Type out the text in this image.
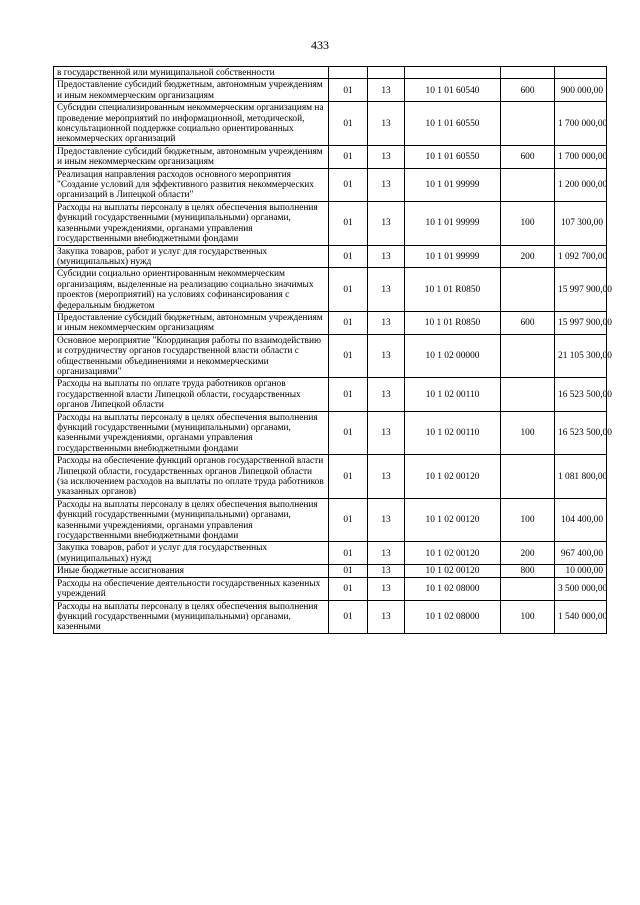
433
в государственной или муниципальной собственности					
Предоставление субсидий бюджетным, автономным учреждениям и иным некоммерческим организациям	01	13	10 1 01 60540	600	900 000,00
Субсидии специализированным некоммерческим организациям на проведение мероприятий по информационной, методической, консультационной поддержке социально ориентированных некоммерческих организаций	01	13	10 1 01 60550		1 700 000,00
Предоставление субсидий бюджетным, автономным учреждениям и иным некоммерческим организациям	01	13	10 1 01 60550	600	1 700 000,00
Реализация направления расходов основного мероприятия "Создание условий для эффективного развития некоммерческих организаций в Липецкой области"	01	13	10 1 01 99999		1 200 000,00
Расходы на выплаты персоналу в целях обеспечения выполнения функций государственными (муниципальными) органами, казенными учреждениями, органами управления государственными внебюджетными фондами	01	13	10 1 01 99999	100	107 300,00
Закупка товаров, работ и услуг для государственных (муниципальных) нужд	01	13	10 1 01 99999	200	1 092 700,00
Субсидии социально ориентированным некоммерческим организациям, выделенные на реализацию социально значимых проектов (мероприятий) на условиях софинансирования с федеральным бюджетом	01	13	10 1 01 R0850		15 997 900,00
Предоставление субсидий бюджетным, автономным учреждениям и иным некоммерческим организациям	01	13	10 1 01 R0850	600	15 997 900,00
Основное мероприятие "Координация работы по взаимодействию и сотрудничеству органов государственной власти области с общественными объединениями и некоммерческими организациями"	01	13	10 1 02 00000		21 105 300,00
Расходы на выплаты по оплате труда работников органов государственной власти Липецкой области, государственных органов Липецкой области	01	13	10 1 02 00110		16 523 500,00
Расходы на выплаты персоналу в целях обеспечения выполнения функций государственными (муниципальными) органами, казенными учреждениями, органами управления государственными внебюджетными фондами	01	13	10 1 02 00110	100	16 523 500,00
Расходы на обеспечение функций органов государственной власти Липецкой области, государственных органов Липецкой области (за исключением расходов на выплаты по оплате труда работников указанных органов)	01	13	10 1 02 00120		1 081 800,00
Расходы на выплаты персоналу в целях обеспечения выполнения функций государственными (муниципальными) органами, казенными учреждениями, органами управления государственными внебюджетными фондами	01	13	10 1 02 00120	100	104 400,00
Закупка товаров, работ и услуг для государственных (муниципальных) нужд	01	13	10 1 02 00120	200	967 400,00
Иные бюджетные ассигнования	01	13	10 1 02 00120	800	10 000,00
Расходы на обеспечение деятельности государственных казенных учреждений	01	13	10 1 02 08000		3 500 000,00
Расходы на выплаты персоналу в целях обеспечения выполнения функций государственными (муниципальными) органами, казенными	01	13	10 1 02 08000	100	1 540 000,00
